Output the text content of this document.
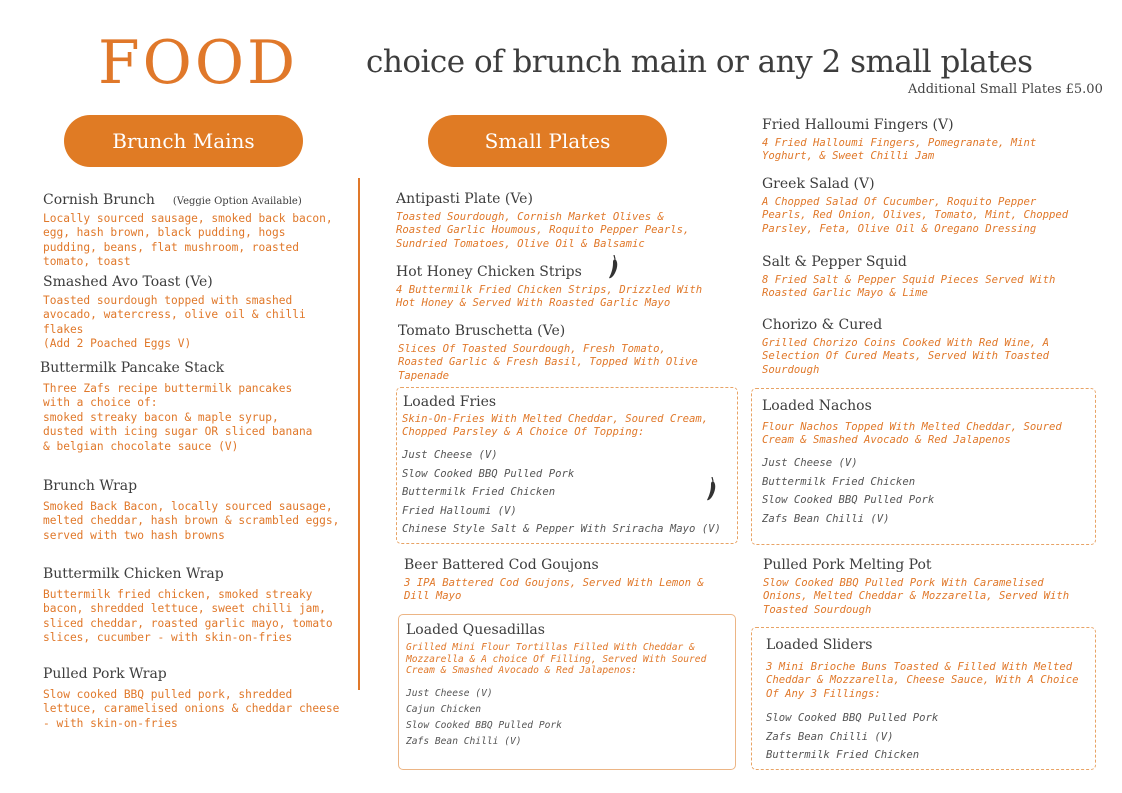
FOOD choice of brunch main or any 2 small plates
Additional Small Plates £5.00
Brunch Mains	Small Plates
Cornish Brunch (Veggie Option Available)
Locally sourced sausage, smoked back bacon, egg, hash brown, black pudding, hogs pudding, beans, flat mushroom, roasted tomato, toast
Smashed Avo Toast (Ve)
Toasted sourdough topped with smashed avocado, watercress, olive oil & chilli flakes
(Add 2 Poached Eggs V)
Buttermilk Pancake Stack
Three Zafs recipe buttermilk pancakes with a choice of:
smoked streaky bacon & maple syrup, dusted with icing sugar OR sliced banana & belgian chocolate sauce (V)
Brunch Wrap
Smoked Back Bacon, locally sourced sausage, melted cheddar, hash brown & scrambled eggs, served with two hash browns
Buttermilk Chicken Wrap
Buttermilk fried chicken, smoked streaky bacon, shredded lettuce, sweet chilli jam, sliced cheddar, roasted garlic mayo, tomato slices, cucumber - with skin-on-fries
Pulled Pork Wrap
Slow cooked BBQ pulled pork, shredded lettuce, caramelised onions & cheddar cheese - with skin-on-fries
Antipasti Plate (Ve)
Toasted Sourdough, Cornish Market Olives & Roasted Garlic Houmous, Roquito Pepper Pearls, Sundried Tomatoes, Olive Oil & Balsamic
Hot Honey Chicken Strips
4 Buttermilk Fried Chicken Strips, Drizzled With Hot Honey & Served With Roasted Garlic Mayo
Tomato Bruschetta (Ve)
Slices Of Toasted Sourdough, Fresh Tomato, Roasted Garlic & Fresh Basil, Topped With Olive Tapenade
Loaded Fries
Skin-On-Fries With Melted Cheddar, Soured Cream, Chopped Parsley & A Choice Of Topping:
Just Cheese (V)
Slow Cooked BBQ Pulled Pork
Buttermilk Fried Chicken
Fried Halloumi (V)
Chinese Style Salt & Pepper With Sriracha Mayo (V)
Beer Battered Cod Goujons
3 IPA Battered Cod Goujons, Served With Lemon & Dill Mayo
Loaded Quesadillas
Grilled Mini Flour Tortillas Filled With Cheddar & Mozzarella & A choice Of Filling, Served With Soured Cream & Smashed Avocado & Red Jalapenos:
Just Cheese (V)
Cajun Chicken
Slow Cooked BBQ Pulled Pork
Zafs Bean Chilli (V)
Fried Halloumi Fingers (V)
4 Fried Halloumi Fingers, Pomegranate, Mint Yoghurt, & Sweet Chilli Jam
Greek Salad (V)
A Chopped Salad Of Cucumber, Roquito Pepper Pearls, Red Onion, Olives, Tomato, Mint, Chopped Parsley, Feta, Olive Oil & Oregano Dressing
Salt & Pepper Squid
8 Fried Salt & Pepper Squid Pieces Served With Roasted Garlic Mayo & Lime
Chorizo & Cured
Grilled Chorizo Coins Cooked With Red Wine, A Selection Of Cured Meats, Served With Toasted Sourdough
Loaded Nachos
Flour Nachos Topped With Melted Cheddar, Soured Cream & Smashed Avocado & Red Jalapenos
Just Cheese (V)
Buttermilk Fried Chicken
Slow Cooked BBQ Pulled Pork
Zafs Bean Chilli (V)
Pulled Pork Melting Pot
Slow Cooked BBQ Pulled Pork With Caramelised Onions, Melted Cheddar & Mozzarella, Served With Toasted Sourdough
Loaded Sliders
3 Mini Brioche Buns Toasted & Filled With Melted Cheddar & Mozzarella, Cheese Sauce, With A Choice Of Any 3 Fillings:
Slow Cooked BBQ Pulled Pork
Zafs Bean Chilli (V)
Buttermilk Fried Chicken
